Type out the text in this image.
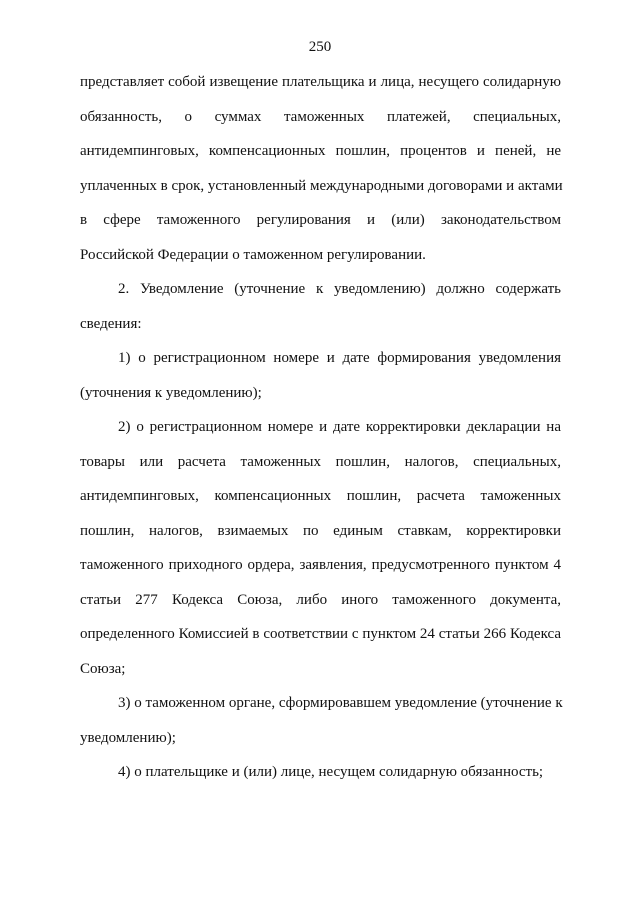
250
представляет собой извещение плательщика и лица, несущего солидарную
обязанность, о суммах таможенных платежей, специальных,
антидемпинговых, компенсационных пошлин, процентов и пеней, не
уплаченных в срок, установленный международными договорами и актами
в сфере таможенного регулирования и (или) законодательством
Российской Федерации о таможенном регулировании.
2. Уведомление (уточнение к уведомлению) должно содержать
сведения:
1) о регистрационном номере и дате формирования уведомления
(уточнения к уведомлению);
2) о регистрационном номере и дате корректировки декларации на
товары или расчета таможенных пошлин, налогов, специальных,
антидемпинговых, компенсационных пошлин, расчета таможенных
пошлин, налогов, взимаемых по единым ставкам, корректировки
таможенного приходного ордера, заявления, предусмотренного пунктом 4
статьи 277 Кодекса Союза, либо иного таможенного документа,
определенного Комиссией в соответствии с пунктом 24 статьи 266 Кодекса
Союза;
3) о таможенном органе, сформировавшем уведомление (уточнение к
уведомлению);
4) о плательщике и (или) лице, несущем солидарную обязанность;
